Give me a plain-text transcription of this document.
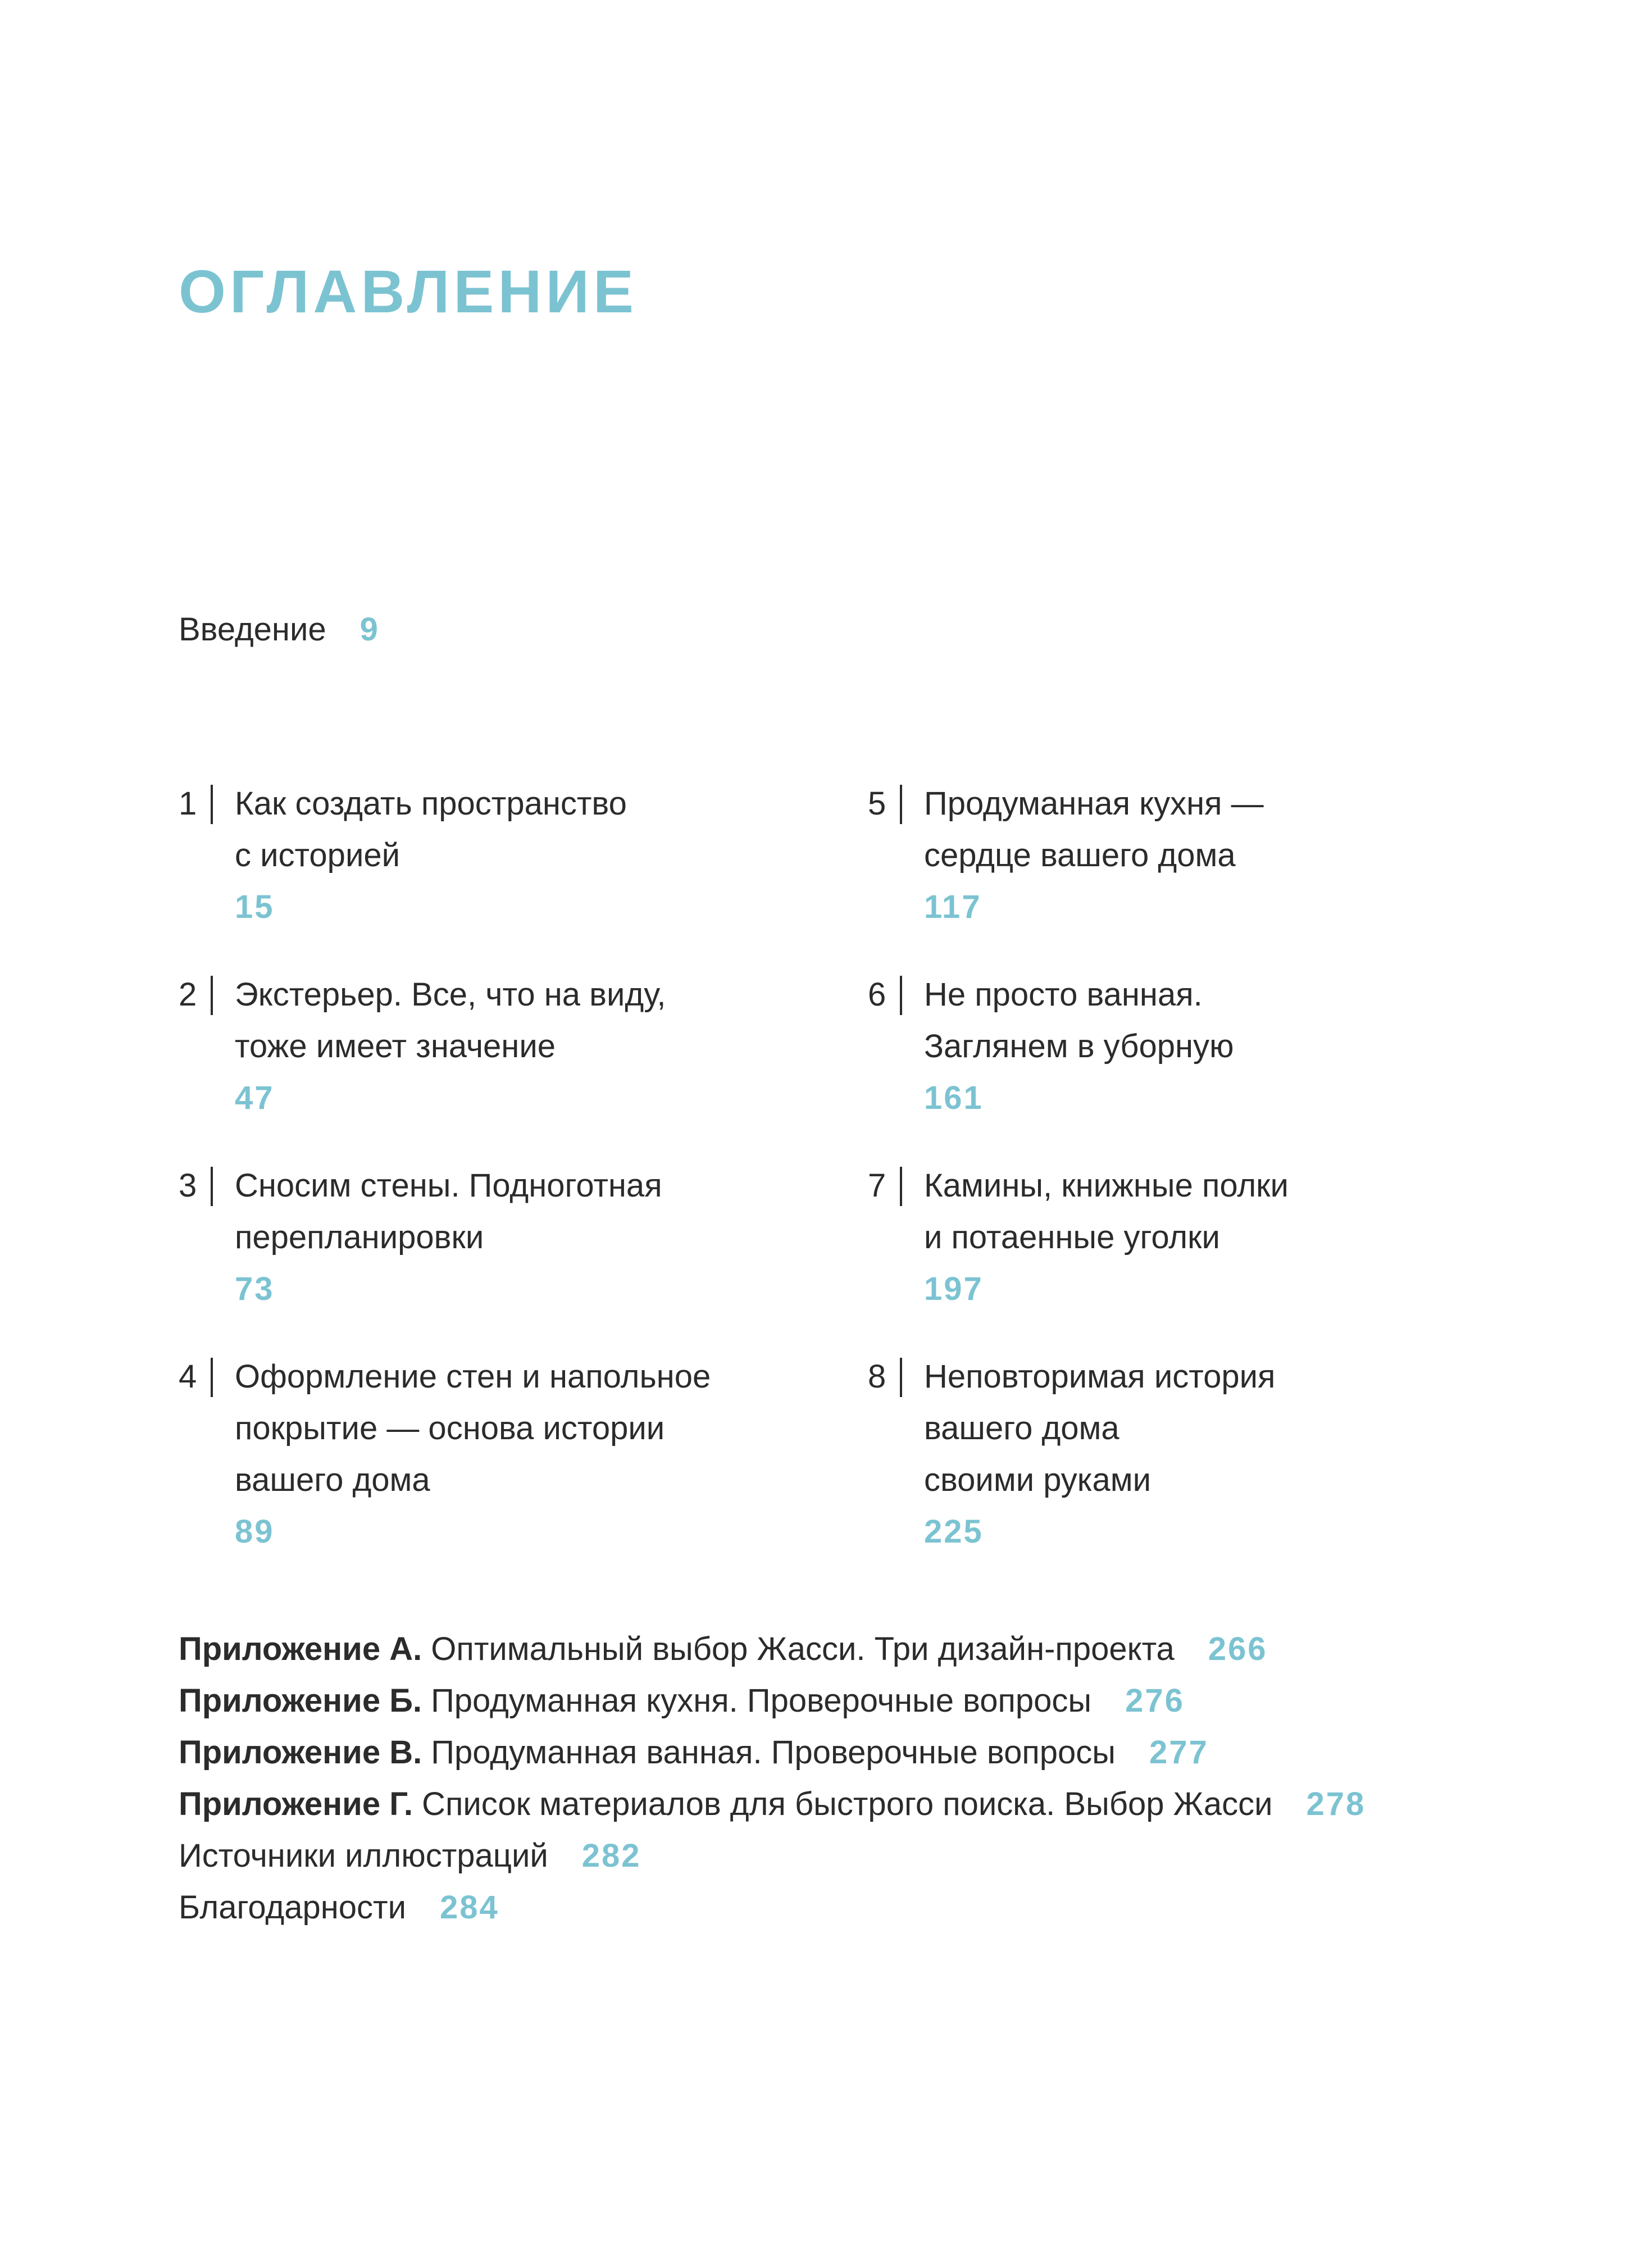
ОГЛАВЛЕНИЕ
Введение 9
1 Как создать пространство
с историей
15
2 Экстерьер. Все, что на виду,
тоже имеет значение
47
3 Сносим стены. Подноготная
перепланировки
73
4 Оформление стен и напольное
покрытие — основа истории
вашего дома
89
5 Продуманная кухня —
сердце вашего дома
117
6 Не просто ванная.
Заглянем в уборную
161
7 Камины, книжные полки
и потаенные уголки
197
8 Неповторимая история
вашего дома
своими руками
225
Приложение А. Оптимальный выбор Жасси. Три дизайн-проекта 266
Приложение Б. Продуманная кухня. Проверочные вопросы 276
Приложение В. Продуманная ванная. Проверочные вопросы 277
Приложение Г. Список материалов для быстрого поиска. Выбор Жасси 278
Источники иллюстраций 282
Благодарности 284
